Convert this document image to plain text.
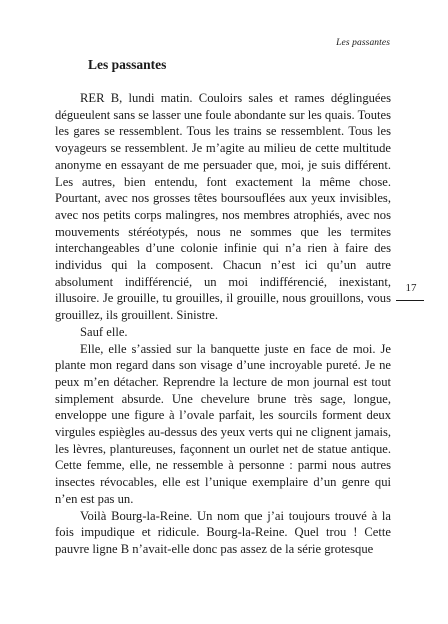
Les passantes
Les passantes

RER B, lundi matin. Couloirs sales et rames déglinguées dégueulent sans se lasser une foule abondante sur les quais. Toutes les gares se ressemblent. Tous les trains se ressemblent. Tous les voyageurs se ressemblent. Je m’agite au milieu de cette multitude anonyme en essayant de me persuader que, moi, je suis différent. Les autres, bien entendu, font exactement la même chose. Pourtant, avec nos grosses têtes boursouflées aux yeux invisibles, avec nos petits corps malingres, nos membres atrophiés, avec nos mouvements stéréotypés, nous ne sommes que les termites interchangeables d’une colonie infinie qui n’a rien à faire des individus qui la composent. Chacun n’est ici qu’un autre absolument indifférencié, un moi indifférencié, inexistant, illusoire. Je grouille, tu grouilles, il grouille, nous grouillons, vous grouillez, ils grouillent. Sinistre.

Sauf elle.

Elle, elle s’assied sur la banquette juste en face de moi. Je plante mon regard dans son visage d’une incroyable pureté. Je ne peux m’en détacher. Reprendre la lecture de mon journal est tout simplement absurde. Une chevelure brune très sage, longue, enveloppe une figure à l’ovale parfait, les sourcils forment deux virgules espiègles au-dessus des yeux verts qui ne clignent jamais, les lèvres, plantureuses, façonnent un ourlet net de statue antique. Cette femme, elle, ne ressemble à personne : parmi nous autres insectes révocables, elle est l’unique exemplaire d’un genre qui n’en est pas un.

Voilà Bourg-la-Reine. Un nom que j’ai toujours trouvé à la fois impudique et ridicule. Bourg-la-Reine. Quel trou ! Cette pauvre ligne B n’avait-elle donc pas assez de la série grotesque

17
